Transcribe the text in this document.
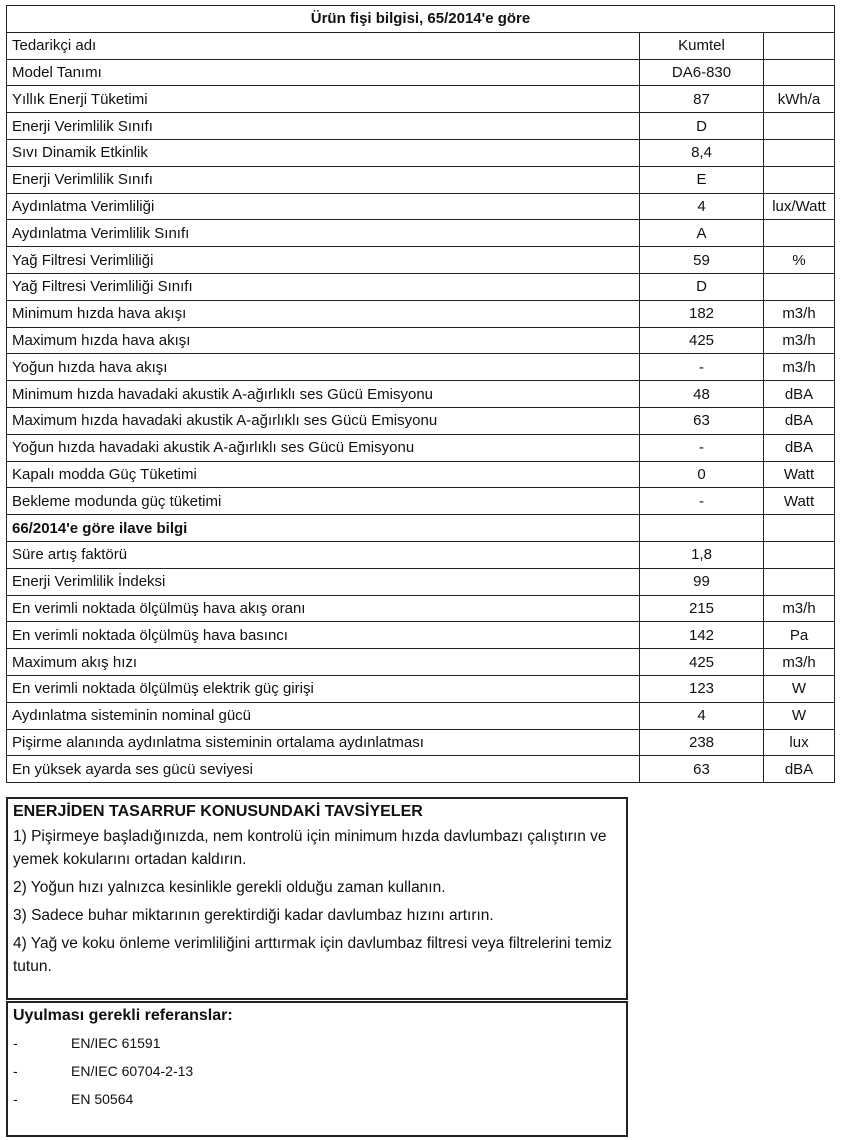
Ürün fişi bilgisi, 65/2014'e göre		
Tedarikçi adı	Kumtel	
Model Tanımı	DA6-830	
Yıllık Enerji Tüketimi	87	kWh/a
Enerji Verimlilik Sınıfı	D	
Sıvı Dinamik Etkinlik	8,4	
Enerji Verimlilik Sınıfı	E	
Aydınlatma Verimliliği	4	lux/Watt
Aydınlatma Verimlilik Sınıfı	A	
Yağ Filtresi Verimliliği	59	%
Yağ Filtresi Verimliliği Sınıfı	D	
Minimum hızda hava akışı	182	m3/h
Maximum hızda hava akışı	425	m3/h
Yoğun hızda hava akışı	-	m3/h
Minimum hızda havadaki akustik A-ağırlıklı ses Gücü Emisyonu	48	dBA
Maximum hızda havadaki akustik A-ağırlıklı ses Gücü Emisyonu	63	dBA
Yoğun hızda havadaki akustik A-ağırlıklı ses Gücü Emisyonu	-	dBA
Kapalı modda Güç Tüketimi	0	Watt
Bekleme modunda güç tüketimi	-	Watt
66/2014'e göre ilave bilgi		
Süre artış faktörü	1,8	
Enerji Verimlilik İndeksi	99	
En verimli noktada ölçülmüş hava akış oranı	215	m3/h
En verimli noktada ölçülmüş hava basıncı	142	Pa
Maximum akış hızı	425	m3/h
En verimli noktada ölçülmüş elektrik güç girişi	123	W
Aydınlatma sisteminin nominal gücü	4	W
Pişirme alanında aydınlatma sisteminin ortalama aydınlatması	238	lux
En yüksek ayarda ses gücü seviyesi	63	dBA
ENERJİDEN TASARRUF KONUSUNDAKİ TAVSİYELER

1) Pişirmeye başladığınızda, nem kontrolü için minimum hızda davlumbazı çalıştırın ve yemek kokularını ortadan kaldırın.

2) Yoğun hızı yalnızca kesinlikle gerekli olduğu zaman kullanın.

3) Sadece buhar miktarının gerektirdiği kadar davlumbaz hızını artırın.

4) Yağ ve koku önleme verimliliğini arttırmak için davlumbaz filtresi veya filtrelerini temiz tutun.

Uyulması gerekli referanslar:
-	EN/IEC 61591
-	EN/IEC 60704-2-13
-	EN 50564
